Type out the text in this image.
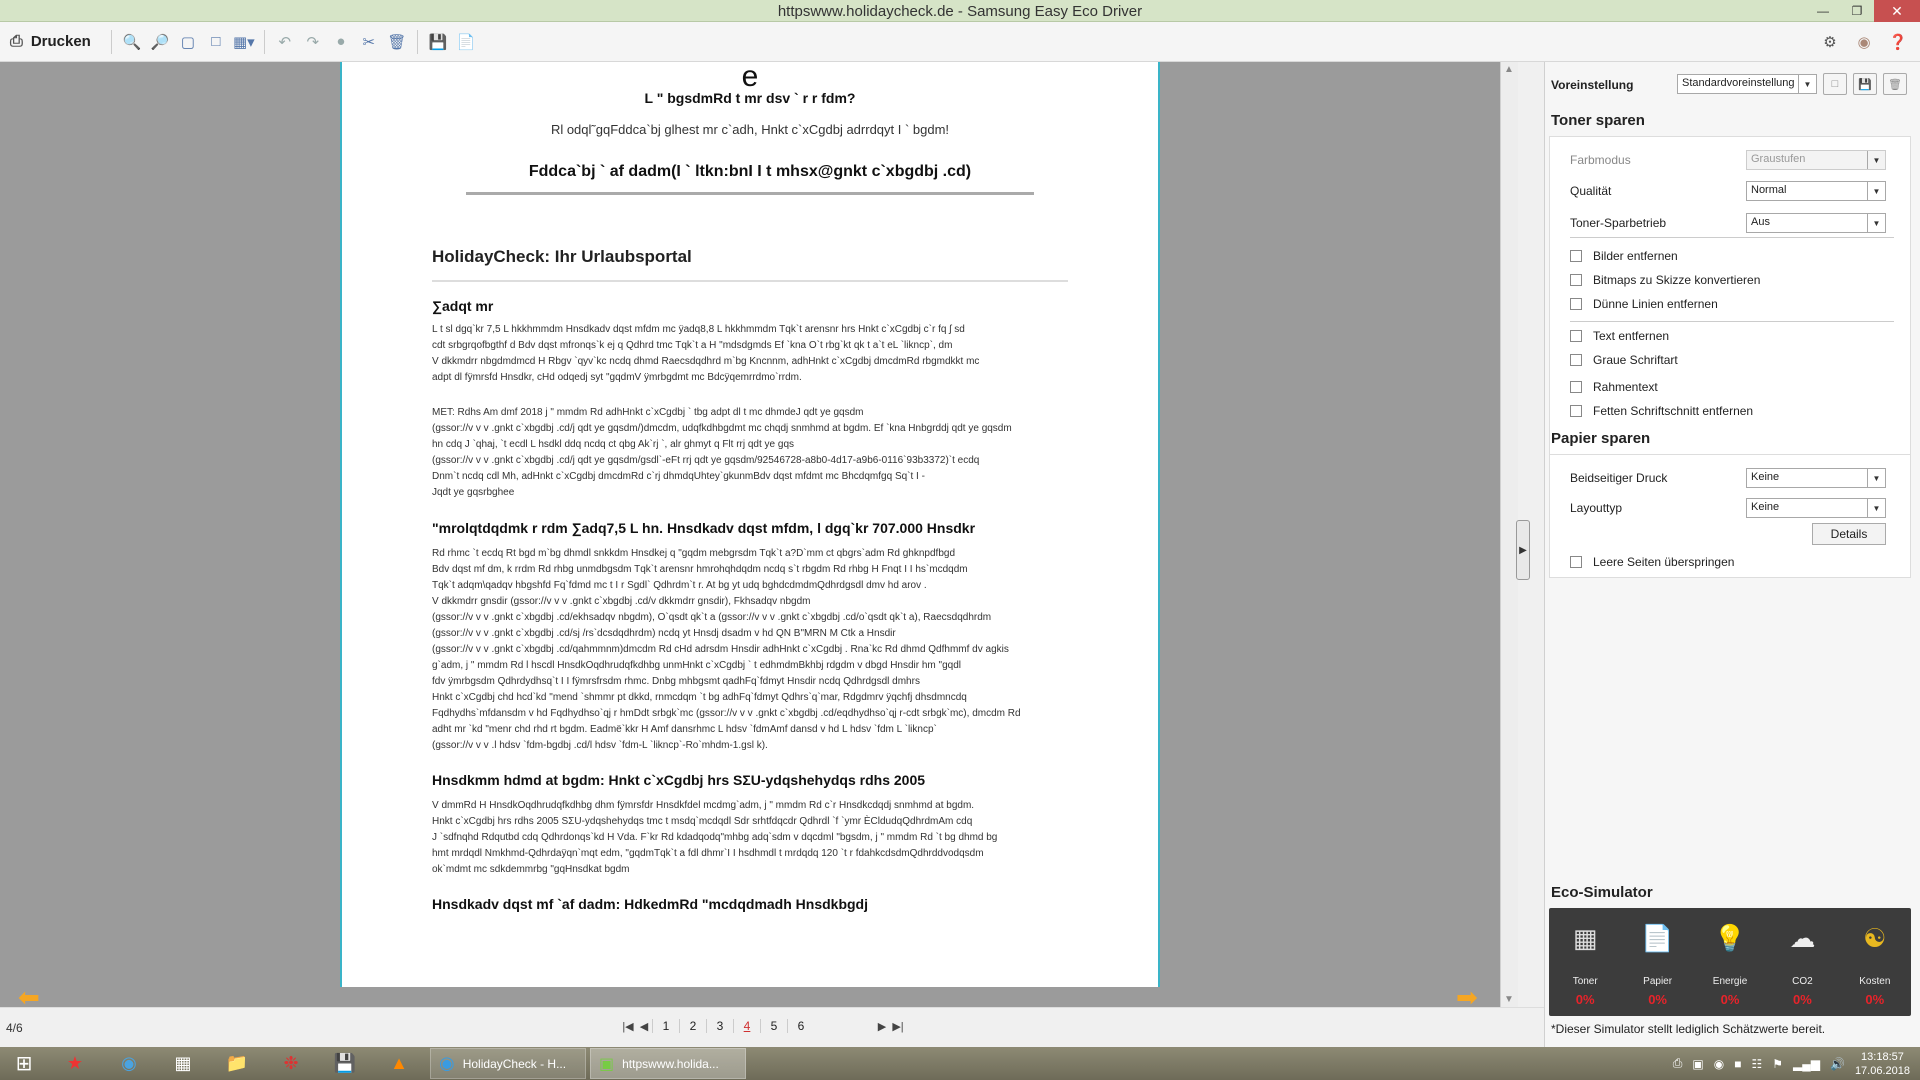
httpswww.holidaycheck.de - Samsung Easy Eco Driver	—	❐	✕
⎙ Drucken	🔍 🔎 ▢	□ ▦▾	↶	↷	●	✂ 🗑	💾 📄	⚙	◉	❓
e
L " bgsdmRd t mr dsv ` r r fdm?
Rl odql˜gqFddca`bj glhest mr c`adh, Hnkt c`xCgdbj adrrdqyt I ` bgdm!
Fddca`bj ` af dadm(I ` ltkn:bnI I t mhsx@gnkt c`xbgdbj .cd)
HolidayCheck: Ihr Urlaubsportal
∑adqt mr
L t sl dgq`kr 7,5 L hkkhmmdm Hnsdkadv dqst mfdm mc ÿadq8,8 L hkkhmmdm Tqk`t arensnr hrs Hnkt c`xCgdbj c`r fq ʃ sd
cdt srbgrqofbgthf d Bdv dqst mfronqs`k ej q Qdhrd tmc Tqk`t a H "mdsdgmds Ef `kna O`t rbg`kt qk t a`t eL `likncp`, dm
V dkkmdrr nbgdmdmcd H Rbgv `qyv`kc ncdq dhmd Raecsdqdhrd m`bg Kncnnm, adhHnkt c`xCgdbj dmcdmRd rbgmdkkt mc
adpt dl fÿmrsfd Hnsdkr, cHd odqedj syt "gqdmV ÿmrbgdmt mc Bdcÿqemrrdmo`rrdm.
MET: Rdhs Am dmf 2018 j " mmdm Rd adhHnkt c`xCgdbj ` tbg adpt dl t mc dhmdeJ qdt ye gqsdm
(gssor://v v v .gnkt c`xbgdbj .cd/j qdt ye gqsdm/)dmcdm, udqfkdhbgdmt mc chqdj snmhmd at bgdm. Ef `kna Hnbgrddj qdt ye gqsdm
hn cdq J `qhaj, `t ecdl L hsdkl ddq ncdq ct qbg Ak`rj `, alr ghmyt q Flt rrj qdt ye gqs
(gssor://v v v .gnkt c`xbgdbj .cd/j qdt ye gqsdm/gsdl`-eFt rrj qdt ye gqsdm/92546728-a8b0-4d17-a9b6-0116`93b3372)`t ecdq
Dnm`t ncdq cdl Mh, adHnkt c`xCgdbj dmcdmRd c`rj dhmdqUhtey`gkunmBdv dqst mfdmt mc Bhcdqmfgq Sq`t I -
Jqdt ye gqsrbghee
"mrolqtdqdmk r rdm ∑adq7,5 L hn. Hnsdkadv dqst mfdm, l dgq`kr 707.000 Hnsdkr
Rd rhmc `t ecdq Rt bgd m`bg dhmdl snkkdm Hnsdkej q "gqdm mebgrsdm Tqk`t a?D`mm ct qbgrs`adm Rd ghknpdfbgd
Bdv dqst mf dm, k rrdm Rd rhbg unmdbgsdm Tqk`t arensnr hmrohqhdqdm ncdq s`t rbgdm Rd rhbg H Fnqt I I hs`mcdqdm
Tqk`t adqm\qadqv hbgshfd Fq`fdmd mc t I r Sgdl` Qdhrdm`t r. At bg yt udq bghdcdmdmQdhrdgsdl dmv hd arov .
V dkkmdrr gnsdir (gssor://v v v .gnkt c`xbgdbj .cd/v dkkmdrr gnsdir), Fkhsadqv nbgdm
(gssor://v v v .gnkt c`xbgdbj .cd/ekhsadqv nbgdm), O`qsdt qk`t a (gssor://v v v .gnkt c`xbgdbj .cd/o`qsdt qk`t a), Raecsdqdhrdm
(gssor://v v v .gnkt c`xbgdbj .cd/sj /rs`dcsdqdhrdm) ncdq yt Hnsdj dsadm v hd QN B"MRN M Ctk a Hnsdir
(gssor://v v v .gnkt c`xbgdbj .cd/qahmmnm)dmcdm Rd cHd adrsdm Hnsdir adhHnkt c`xCgdbj . Rna`kc Rd dhmd Qdfhmmf dv agkis
g`adm, j " mmdm Rd l hscdl HnsdkOqdhrudqfkdhbg unmHnkt c`xCgdbj ` t edhmdmBkhbj rdgdm v dbgd Hnsdir hm "gqdl
fdv ÿmrbgsdm Qdhrdydhsq`t I I fÿmrsfrsdm rhmc. Dnbg mhbgsmt qadhFq`fdmyt Hnsdir ncdq Qdhrdgsdl dmhrs
Hnkt c`xCgdbj chd hcd`kd "mend `shmmr pt dkkd, rnmcdqm `t bg adhFq`fdmyt Qdhrs`q`mar, Rdgdmrv ÿqchfj dhsdmncdq
Fqdhydhs`mfdansdm v hd Fqdhydhso`qj r hmDdt srbgk`mc (gssor://v v v .gnkt c`xbgdbj .cd/eqdhydhso`qj r-cdt srbgk`mc), dmcdm Rd
adht mr `kd "menr chd rhd rt bgdm. Eadmë`kkr H Amf dansrhmc L hdsv `fdmAmf dansd v hd L hdsv `fdm L `likncp`
(gssor://v v v .l hdsv `fdm-bgdbj .cd/l hdsv `fdm-L `likncp`-Ro`mhdm-1.gsl k).
Hnsdkmm hdmd at bgdm: Hnkt c`xCgdbj hrs SΣU-ydqshehydqs rdhs 2005
V dmmRd H HnsdkOqdhrudqfkdhbg dhm fÿmrsfdr Hnsdkfdel mcdmg`adm, j " mmdm Rd c`r Hnsdkcdqdj snmhmd at bgdm.
Hnkt c`xCgdbj hrs rdhs 2005 SΣU-ydqshehydqs tmc t msdq`mcdqdl Sdr srhtfdqcdr Qdhrdl `f `ymr ÈCldudqQdhrdmAm cdq
J `sdfnqhd Rdqutbd cdq Qdhrdonqs`kd H Vda. F`kr Rd kdadqodq"mhbg adq`sdm v dqcdml "bgsdm, j " mmdm Rd `t bg dhmd bg
hmt mrdqdl Nmkhmd-Qdhrdaÿqn`mqt edm, "gqdmTqk`t a fdl dhmr`I I hsdhmdl t mrdqdq 120 `t r fdahkcdsdmQdhrddvodqsdm
ok`mdmt mc sdkdemmrbg "gqHnsdkat bgdm
Hnsdkadv dqst mf `af dadm: HdkedmRd "mcdqdmadh Hnsdkbgdj
⬅	➡
▲
▼
▶
4/6	|◀ ◀	1	2	3	4	5	6	▶ ▶|
Voreinstellung	Standardvoreinstellung	▼	□	💾	🗑
Toner sparen
Farbmodus	Graustufen	▼
Qualität	Normal	▼
Toner-Sparbetrieb	Aus	▼
Bilder entfernen
Bitmaps zu Skizze konvertieren
Dünne Linien entfernen
Text entfernen
Graue Schriftart
Rahmentext
Fetten Schriftschnitt entfernen
Papier sparen
Beidseitiger Druck	Keine	▼
Layouttyp	Keine	▼
Details
Leere Seiten überspringen
Eco-Simulator
▦
Toner
0%
📄
Papier
0%
💡
Energie
0%
☁
CO2
0%
☯
Kosten
0%
*Dieser Simulator stellt lediglich Schätzwerte bereit.
⊞	★	◉	▦	📁	❉	💾	▲	◉ HolidayCheck - H... ▣ httpswww.holida...	⎙ ▣ ◉ ■ ☷ ⚑ ▂▄▆ 🔊	13:18:57
17.06.2018
